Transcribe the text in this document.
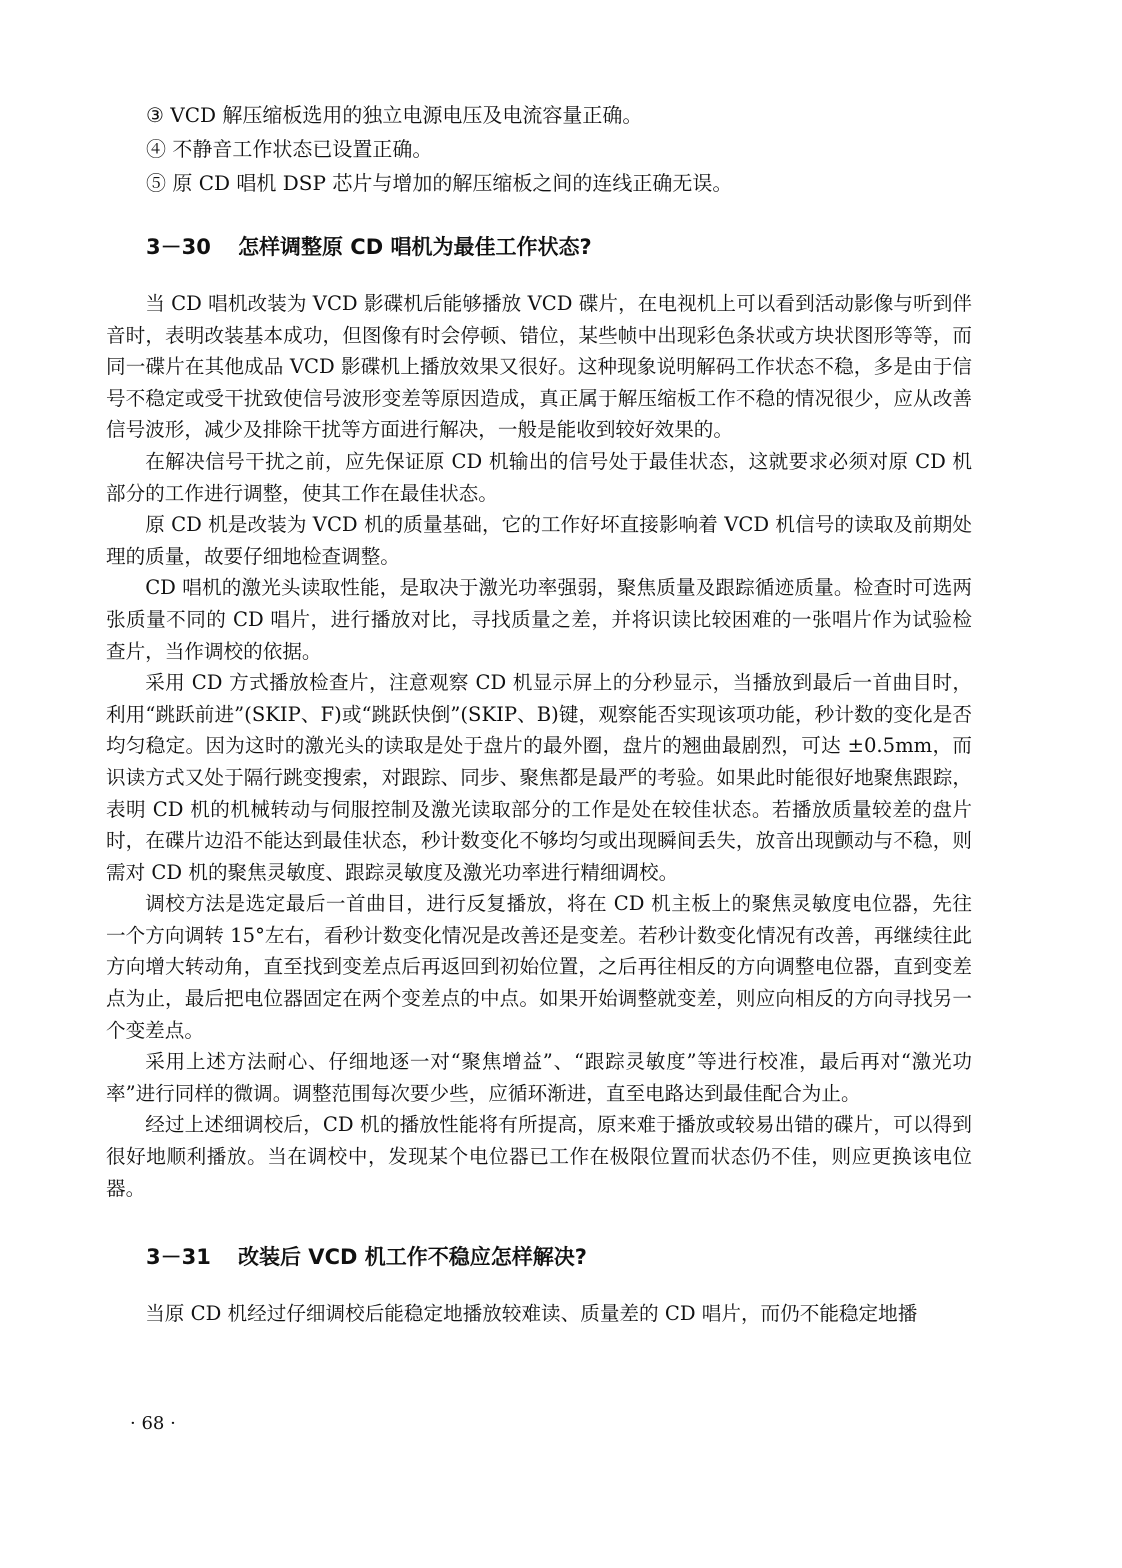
③ VCD 解压缩板选用的独立电源电压及电流容量正确。
④ 不静音工作状态已设置正确。
⑤ 原 CD 唱机 DSP 芯片与增加的解压缩板之间的连线正确无误。
3－30 怎样调整原 CD 唱机为最佳工作状态?

当 CD 唱机改装为 VCD 影碟机后能够播放 VCD 碟片，在电视机上可以看到活动影像与听到伴音时，表明改装基本成功，但图像有时会停顿、错位，某些帧中出现彩色条状或方块状图形等等，而同一碟片在其他成品 VCD 影碟机上播放效果又很好。这种现象说明解码工作状态不稳，多是由于信号不稳定或受干扰致使信号波形变差等原因造成，真正属于解压缩板工作不稳的情况很少，应从改善信号波形，减少及排除干扰等方面进行解决，一般是能收到较好效果的。

在解决信号干扰之前，应先保证原 CD 机输出的信号处于最佳状态，这就要求必须对原 CD 机部分的工作进行调整，使其工作在最佳状态。

原 CD 机是改装为 VCD 机的质量基础，它的工作好坏直接影响着 VCD 机信号的读取及前期处理的质量，故要仔细地检查调整。

CD 唱机的激光头读取性能，是取决于激光功率强弱，聚焦质量及跟踪循迹质量。检查时可选两张质量不同的 CD 唱片，进行播放对比，寻找质量之差，并将识读比较困难的一张唱片作为试验检查片，当作调校的依据。

采用 CD 方式播放检查片，注意观察 CD 机显示屏上的分秒显示，当播放到最后一首曲目时，利用“跳跃前进”(SKIP、F)或“跳跃快倒”(SKIP、B)键，观察能否实现该项功能，秒计数的变化是否均匀稳定。因为这时的激光头的读取是处于盘片的最外圈，盘片的翘曲最剧烈，可达 ±0.5mm，而识读方式又处于隔行跳变搜索，对跟踪、同步、聚焦都是最严的考验。如果此时能很好地聚焦跟踪，表明 CD 机的机械转动与伺服控制及激光读取部分的工作是处在较佳状态。若播放质量较差的盘片时，在碟片边沿不能达到最佳状态，秒计数变化不够均匀或出现瞬间丢失，放音出现颤动与不稳，则需对 CD 机的聚焦灵敏度、跟踪灵敏度及激光功率进行精细调校。

调校方法是选定最后一首曲目，进行反复播放，将在 CD 机主板上的聚焦灵敏度电位器，先往一个方向调转 15°左右，看秒计数变化情况是改善还是变差。若秒计数变化情况有改善，再继续往此方向增大转动角，直至找到变差点后再返回到初始位置，之后再往相反的方向调整电位器，直到变差点为止，最后把电位器固定在两个变差点的中点。如果开始调整就变差，则应向相反的方向寻找另一个变差点。

采用上述方法耐心、仔细地逐一对“聚焦增益”、“跟踪灵敏度”等进行校准，最后再对“激光功率”进行同样的微调。调整范围每次要少些，应循环渐进，直至电路达到最佳配合为止。

经过上述细调校后，CD 机的播放性能将有所提高，原来难于播放或较易出错的碟片，可以得到很好地顺利播放。当在调校中，发现某个电位器已工作在极限位置而状态仍不佳，则应更换该电位器。

3－31 改装后 VCD 机工作不稳应怎样解决?

当原 CD 机经过仔细调校后能稳定地播放较难读、质量差的 CD 唱片，而仍不能稳定地播

· 68 ·
